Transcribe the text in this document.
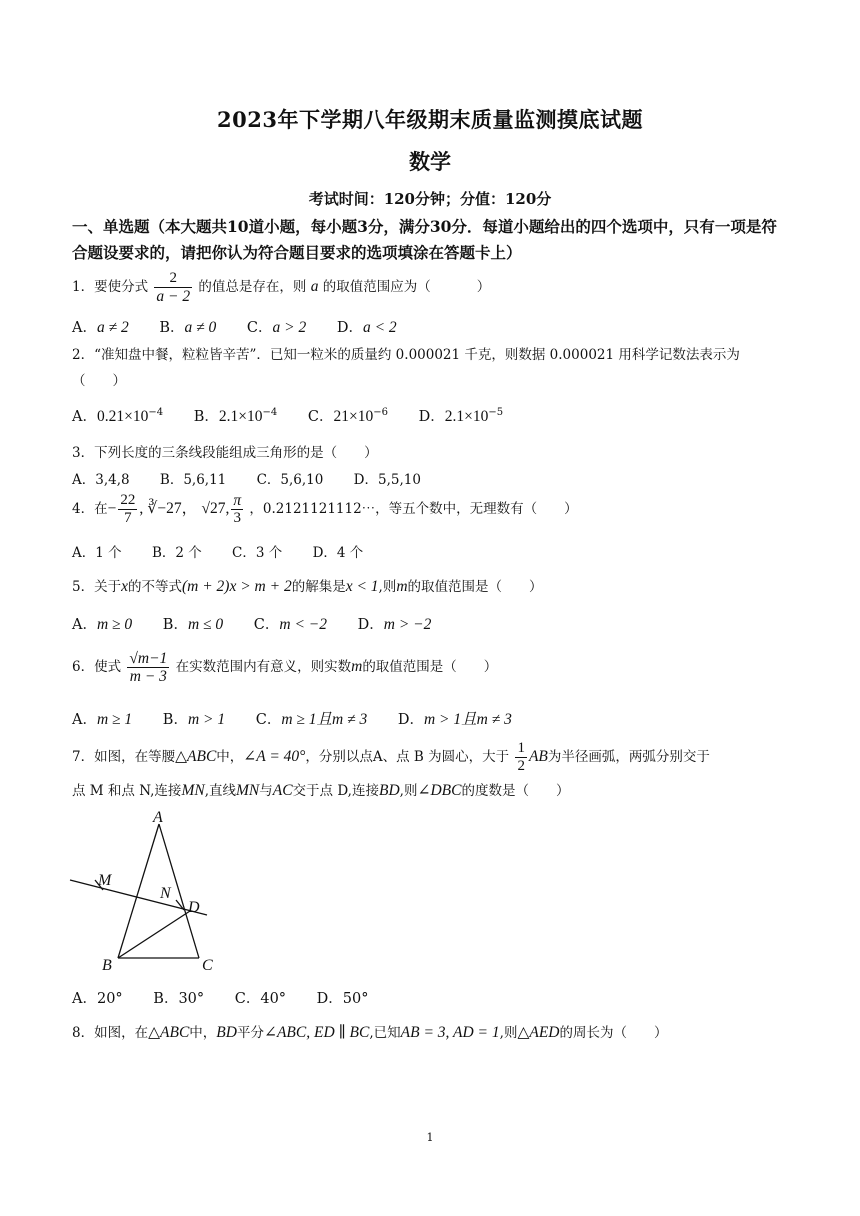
2023年下学期八年级期末质量监测摸底试题
数学
考试时间：120分钟；分值：120分
一、单选题（本大题共10道小题，每小题3分，满分30分．每道小题给出的四个选项中，只有一项是符合题设要求的，请把你认为符合题目要求的选项填涂在答题卡上）
1．要使分式 $\frac{2}{a - 2}$ 的值总是存在，则 a 的取值范围应为（	）
A．a ≠ 2 B．a ≠ 0 C．a > 2 D．a < 2
2．“准知盘中餐，粒粒皆辛苦”．已知一粒米的质量约 0.000021 千克，则数据 0.000021 用科学记数法表示为
（　　）
A．$0.21\times 10^{-4}$ B．$2.1\times 10^{-4}$ C．$21\times 10^{-6}$ D．$2.1\times 10^{-5}$
3．下列长度的三条线段能组成三角形的是（　　）
A．3,4,8 B．5,6,11 C．5,6,10 D．5,5,10
4．在− $\frac{22}{7}$ , ∛−27， √27, $\frac{\pi}{3}$ ，0.2121121112⋯，等五个数中，无理数有（　　）
A．1 个 B．2 个 C．3 个 D．4 个
5．关于x的不等式(m + 2)x > m + 2的解集是x < 1,则m的取值范围是（　　）
A．m ≥ 0 B．m ≤ 0 C．m < −2 D．m > −2
6．使式 $\frac{√m-1}{m - 3}$ 在实数范围内有意义，则实数m的取值范围是（　　）
A．m ≥ 1 B．m > 1 C．m ≥ 1且m ≠ 3 D．m > 1且m ≠ 3
7．如图，在等腰△ABC中，∠A = 40°，分别以点A、点 B 为圆心，大于 $\frac{1}{2}$ AB为半径画弧，两弧分别交于
点 M 和点 N,连接MN,直线MN与AC交于点 D,连接BD,则∠DBC的度数是（　　）
A
B	C
D
M
N
A．20° B．30° C．40° D．50°
8．如图，在△ABC中，BD平分∠ABC, ED ∥ BC,已知AB = 3, AD = 1,则△AED的周长为（　　）
1
